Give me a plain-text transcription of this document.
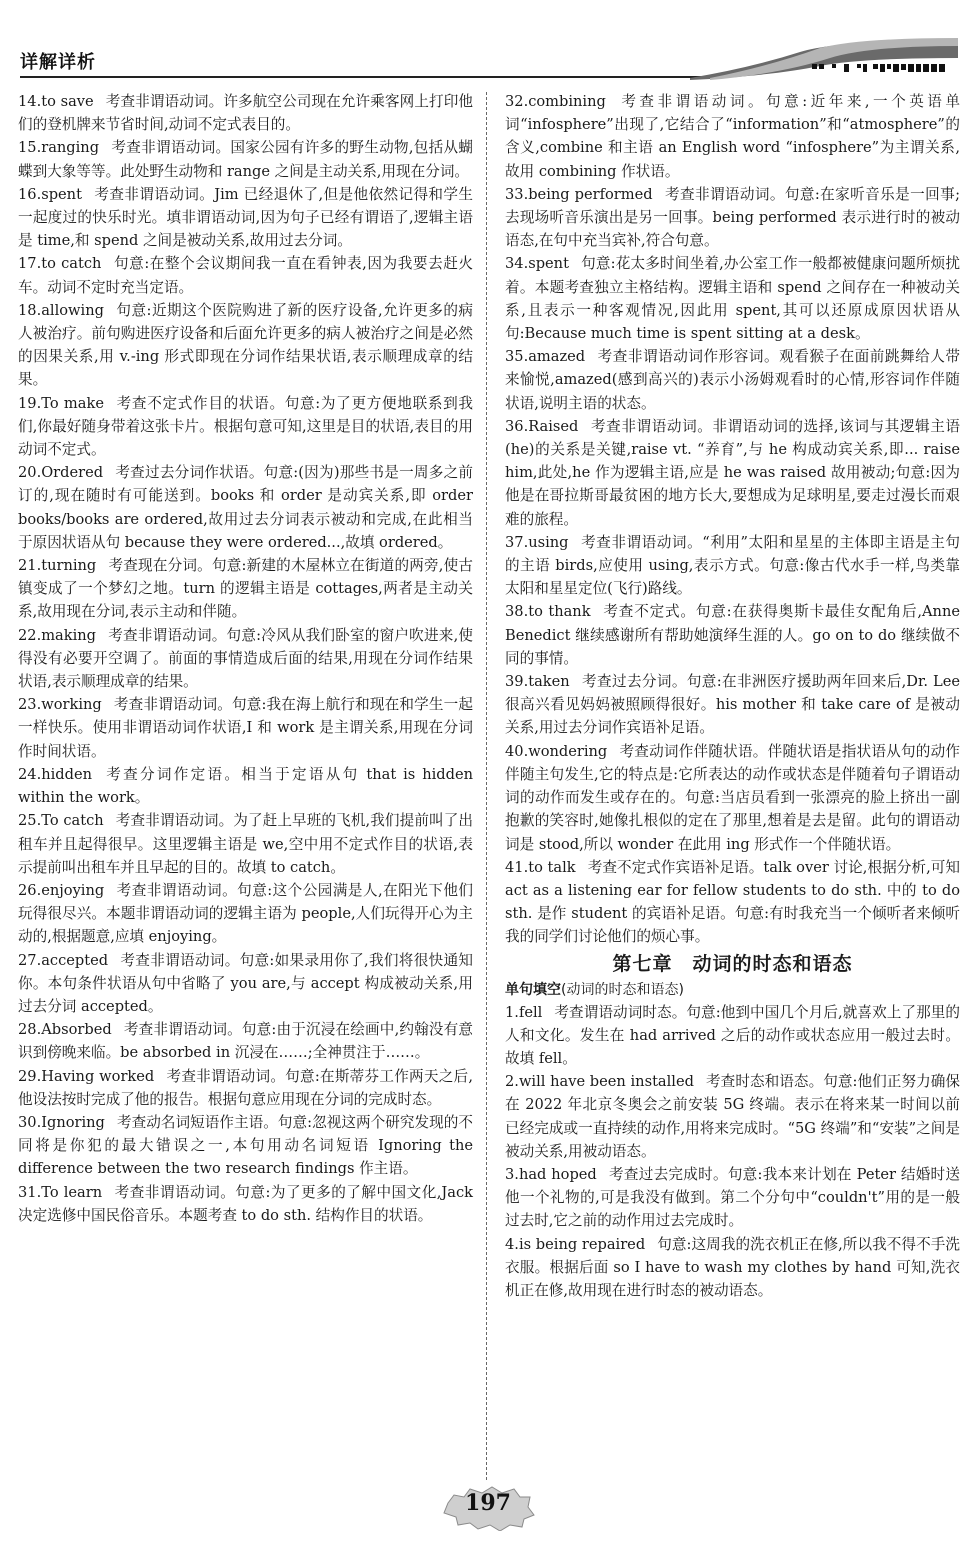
详解详析

14.to save 考查非谓语动词。许多航空公司现在允许乘客网上打印他们的登机牌来节省时间,动词不定式表目的。

15.ranging 考查非谓语动词。国家公园有许多的野生动物,包括从蝴蝶到大象等等。此处野生动物和 range 之间是主动关系,用现在分词。

16.spent 考查非谓语动词。Jim 已经退休了,但是他依然记得和学生一起度过的快乐时光。填非谓语动词,因为句子已经有谓语了,逻辑主语是 time,和 spend 之间是被动关系,故用过去分词。

17.to catch 句意:在整个会议期间我一直在看钟表,因为我要去赶火车。动词不定时充当定语。

18.allowing 句意:近期这个医院购进了新的医疗设备,允许更多的病人被治疗。前句购进医疗设备和后面允许更多的病人被治疗之间是必然的因果关系,用 v.-ing 形式即现在分词作结果状语,表示顺理成章的结果。

19.To make 考查不定式作目的状语。句意:为了更方便地联系到我们,你最好随身带着这张卡片。根据句意可知,这里是目的状语,表目的用动词不定式。

20.Ordered 考查过去分词作状语。句意:(因为)那些书是一周多之前订的,现在随时有可能送到。books 和 order 是动宾关系,即 order books/books are ordered,故用过去分词表示被动和完成,在此相当于原因状语从句 because they were ordered...,故填 ordered。

21.turning 考查现在分词。句意:新建的木屋林立在街道的两旁,使古镇变成了一个梦幻之地。turn 的逻辑主语是 cottages,两者是主动关系,故用现在分词,表示主动和伴随。

22.making 考查非谓语动词。句意:冷风从我们卧室的窗户吹进来,使得没有必要开空调了。前面的事情造成后面的结果,用现在分词作结果状语,表示顺理成章的结果。

23.working 考查非谓语动词。句意:我在海上航行和现在和学生一起一样快乐。使用非谓语动词作状语,I 和 work 是主谓关系,用现在分词作时间状语。

24.hidden 考查分词作定语。相当于定语从句 that is hidden within the work。

25.To catch 考查非谓语动词。为了赶上早班的飞机,我们提前叫了出租车并且起得很早。这里逻辑主语是 we,空中用不定式作目的状语,表示提前叫出租车并且早起的目的。故填 to catch。

26.enjoying 考查非谓语动词。句意:这个公园满是人,在阳光下他们玩得很尽兴。本题非谓语动词的逻辑主语为 people,人们玩得开心为主动的,根据题意,应填 enjoying。

27.accepted 考查非谓语动词。句意:如果录用你了,我们将很快通知你。本句条件状语从句中省略了 you are,与 accept 构成被动关系,用过去分词 accepted。

28.Absorbed 考查非谓语动词。句意:由于沉浸在绘画中,约翰没有意识到傍晚来临。be absorbed in 沉浸在……;全神贯注于……。

29.Having worked 考查非谓语动词。句意:在斯蒂芬工作两天之后,他设法按时完成了他的报告。根据句意应用现在分词的完成时态。

30.Ignoring 考查动名词短语作主语。句意:忽视这两个研究发现的不同将是你犯的最大错误之一,本句用动名词短语 Ignoring the difference between the two research findings 作主语。

31.To learn 考查非谓语动词。句意:为了更多的了解中国文化,Jack 决定选修中国民俗音乐。本题考查 to do sth. 结构作目的状语。

32.combining 考查非谓语动词。句意:近年来,一个英语单词“infosphere”出现了,它结合了“information”和“atmosphere”的含义,combine 和主语 an English word “infosphere”为主谓关系,故用 combining 作状语。

33.being performed 考查非谓语动词。句意:在家听音乐是一回事;去现场听音乐演出是另一回事。being performed 表示进行时的被动语态,在句中充当宾补,符合句意。

34.spent 句意:花太多时间坐着,办公室工作一般都被健康问题所烦扰着。本题考查独立主格结构。逻辑主语和 spend 之间存在一种被动关系,且表示一种客观情况,因此用 spent,其可以还原成原因状语从句:Because much time is spent sitting at a desk。

35.amazed 考查非谓语动词作形容词。观看猴子在面前跳舞给人带来愉悦,amazed(感到高兴的)表示小汤姆观看时的心情,形容词作伴随状语,说明主语的状态。

36.Raised 考查非谓语动词。非谓语动词的选择,该词与其逻辑主语(he)的关系是关键,raise vt. “养育”,与 he 构成动宾关系,即... raise him,此处,he 作为逻辑主语,应是 he was raised 故用被动;句意:因为他是在哥拉斯哥最贫困的地方长大,要想成为足球明星,要走过漫长而艰难的旅程。

37.using 考查非谓语动词。“利用”太阳和星星的主体即主语是主句的主语 birds,应使用 using,表示方式。句意:像古代水手一样,鸟类靠太阳和星星定位(飞行)路线。

38.to thank 考查不定式。句意:在获得奥斯卡最佳女配角后,Anne Benedict 继续感谢所有帮助她演绎生涯的人。go on to do 继续做不同的事情。

39.taken 考查过去分词。句意:在非洲医疗援助两年回来后,Dr. Lee 很高兴看见妈妈被照顾得很好。his mother 和 take care of 是被动关系,用过去分词作宾语补足语。

40.wondering 考查动词作伴随状语。伴随状语是指状语从句的动作伴随主句发生,它的特点是:它所表达的动作或状态是伴随着句子谓语动词的动作而发生或存在的。句意:当店员看到一张漂亮的脸上挤出一副抱歉的笑容时,她像扎根似的定在了那里,想着是去是留。此句的谓语动词是 stood,所以 wonder 在此用 ing 形式作一个伴随状语。

41.to talk 考查不定式作宾语补足语。talk over 讨论,根据分析,可知 act as a listening ear for fellow students to do sth. 中的 to do sth. 是作 student 的宾语补足语。句意:有时我充当一个倾听者来倾听我的同学们讨论他们的烦心事。

第七章　动词的时态和语态
单句填空(动词的时态和语态)

1.fell 考查谓语动词时态。句意:他到中国几个月后,就喜欢上了那里的人和文化。发生在 had arrived 之后的动作或状态应用一般过去时。故填 fell。

2.will have been installed 考查时态和语态。句意:他们正努力确保在 2022 年北京冬奥会之前安装 5G 终端。表示在将来某一时间以前已经完成或一直持续的动作,用将来完成时。“5G 终端”和“安装”之间是被动关系,用被动语态。

3.had hoped 考查过去完成时。句意:我本来计划在 Peter 结婚时送他一个礼物的,可是我没有做到。第二个分句中“couldn't”用的是一般过去时,它之前的动作用过去完成时。

4.is being repaired 句意:这周我的洗衣机正在修,所以我不得不手洗衣服。根据后面 so I have to wash my clothes by hand 可知,洗衣机正在修,故用现在进行时态的被动语态。

197
